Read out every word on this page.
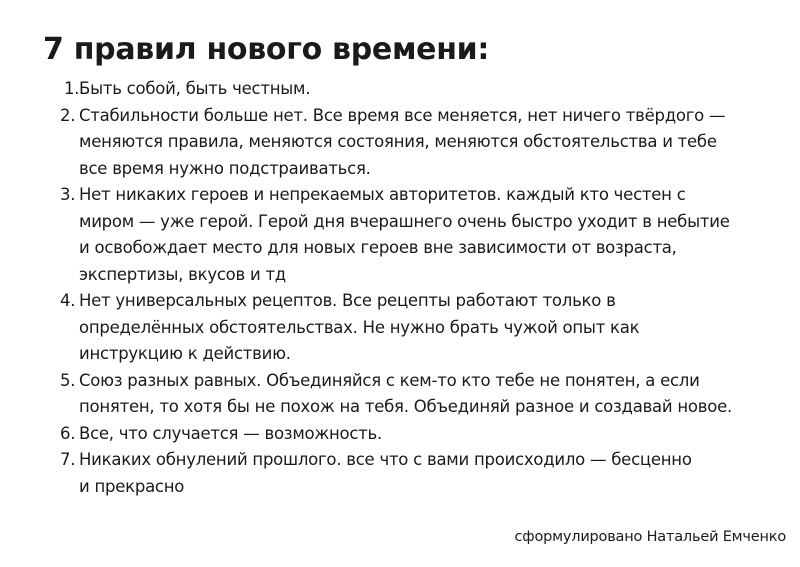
7 правил нового времени:
1. Быть собой, быть честным.
2. Стабильности больше нет. Все время все меняется, нет ничего твёрдого —
меняются правила, меняются состояния, меняются обстоятельства и тебе
все время нужно подстраиваться.
3. Нет никаких героев и непрекаемых авторитетов. каждый кто честен с
миром — уже герой. Герой дня вчерашнего очень быстро уходит в небытие
и освобождает место для новых героев вне зависимости от возраста,
экспертизы, вкусов и тд
4. Нет универсальных рецептов. Все рецепты работают только в
определённых обстоятельствах. Не нужно брать чужой опыт как
инструкцию к действию.
5. Союз разных равных. Объединяйся с кем-то кто тебе не понятен, а если
понятен, то хотя бы не похож на тебя. Объединяй разное и создавай новое.
6. Все, что случается — возможность.
7. Никаких обнулений прошлого. все что с вами происходило — бесценно
и прекрасно
сформулировано Натальей Емченко
